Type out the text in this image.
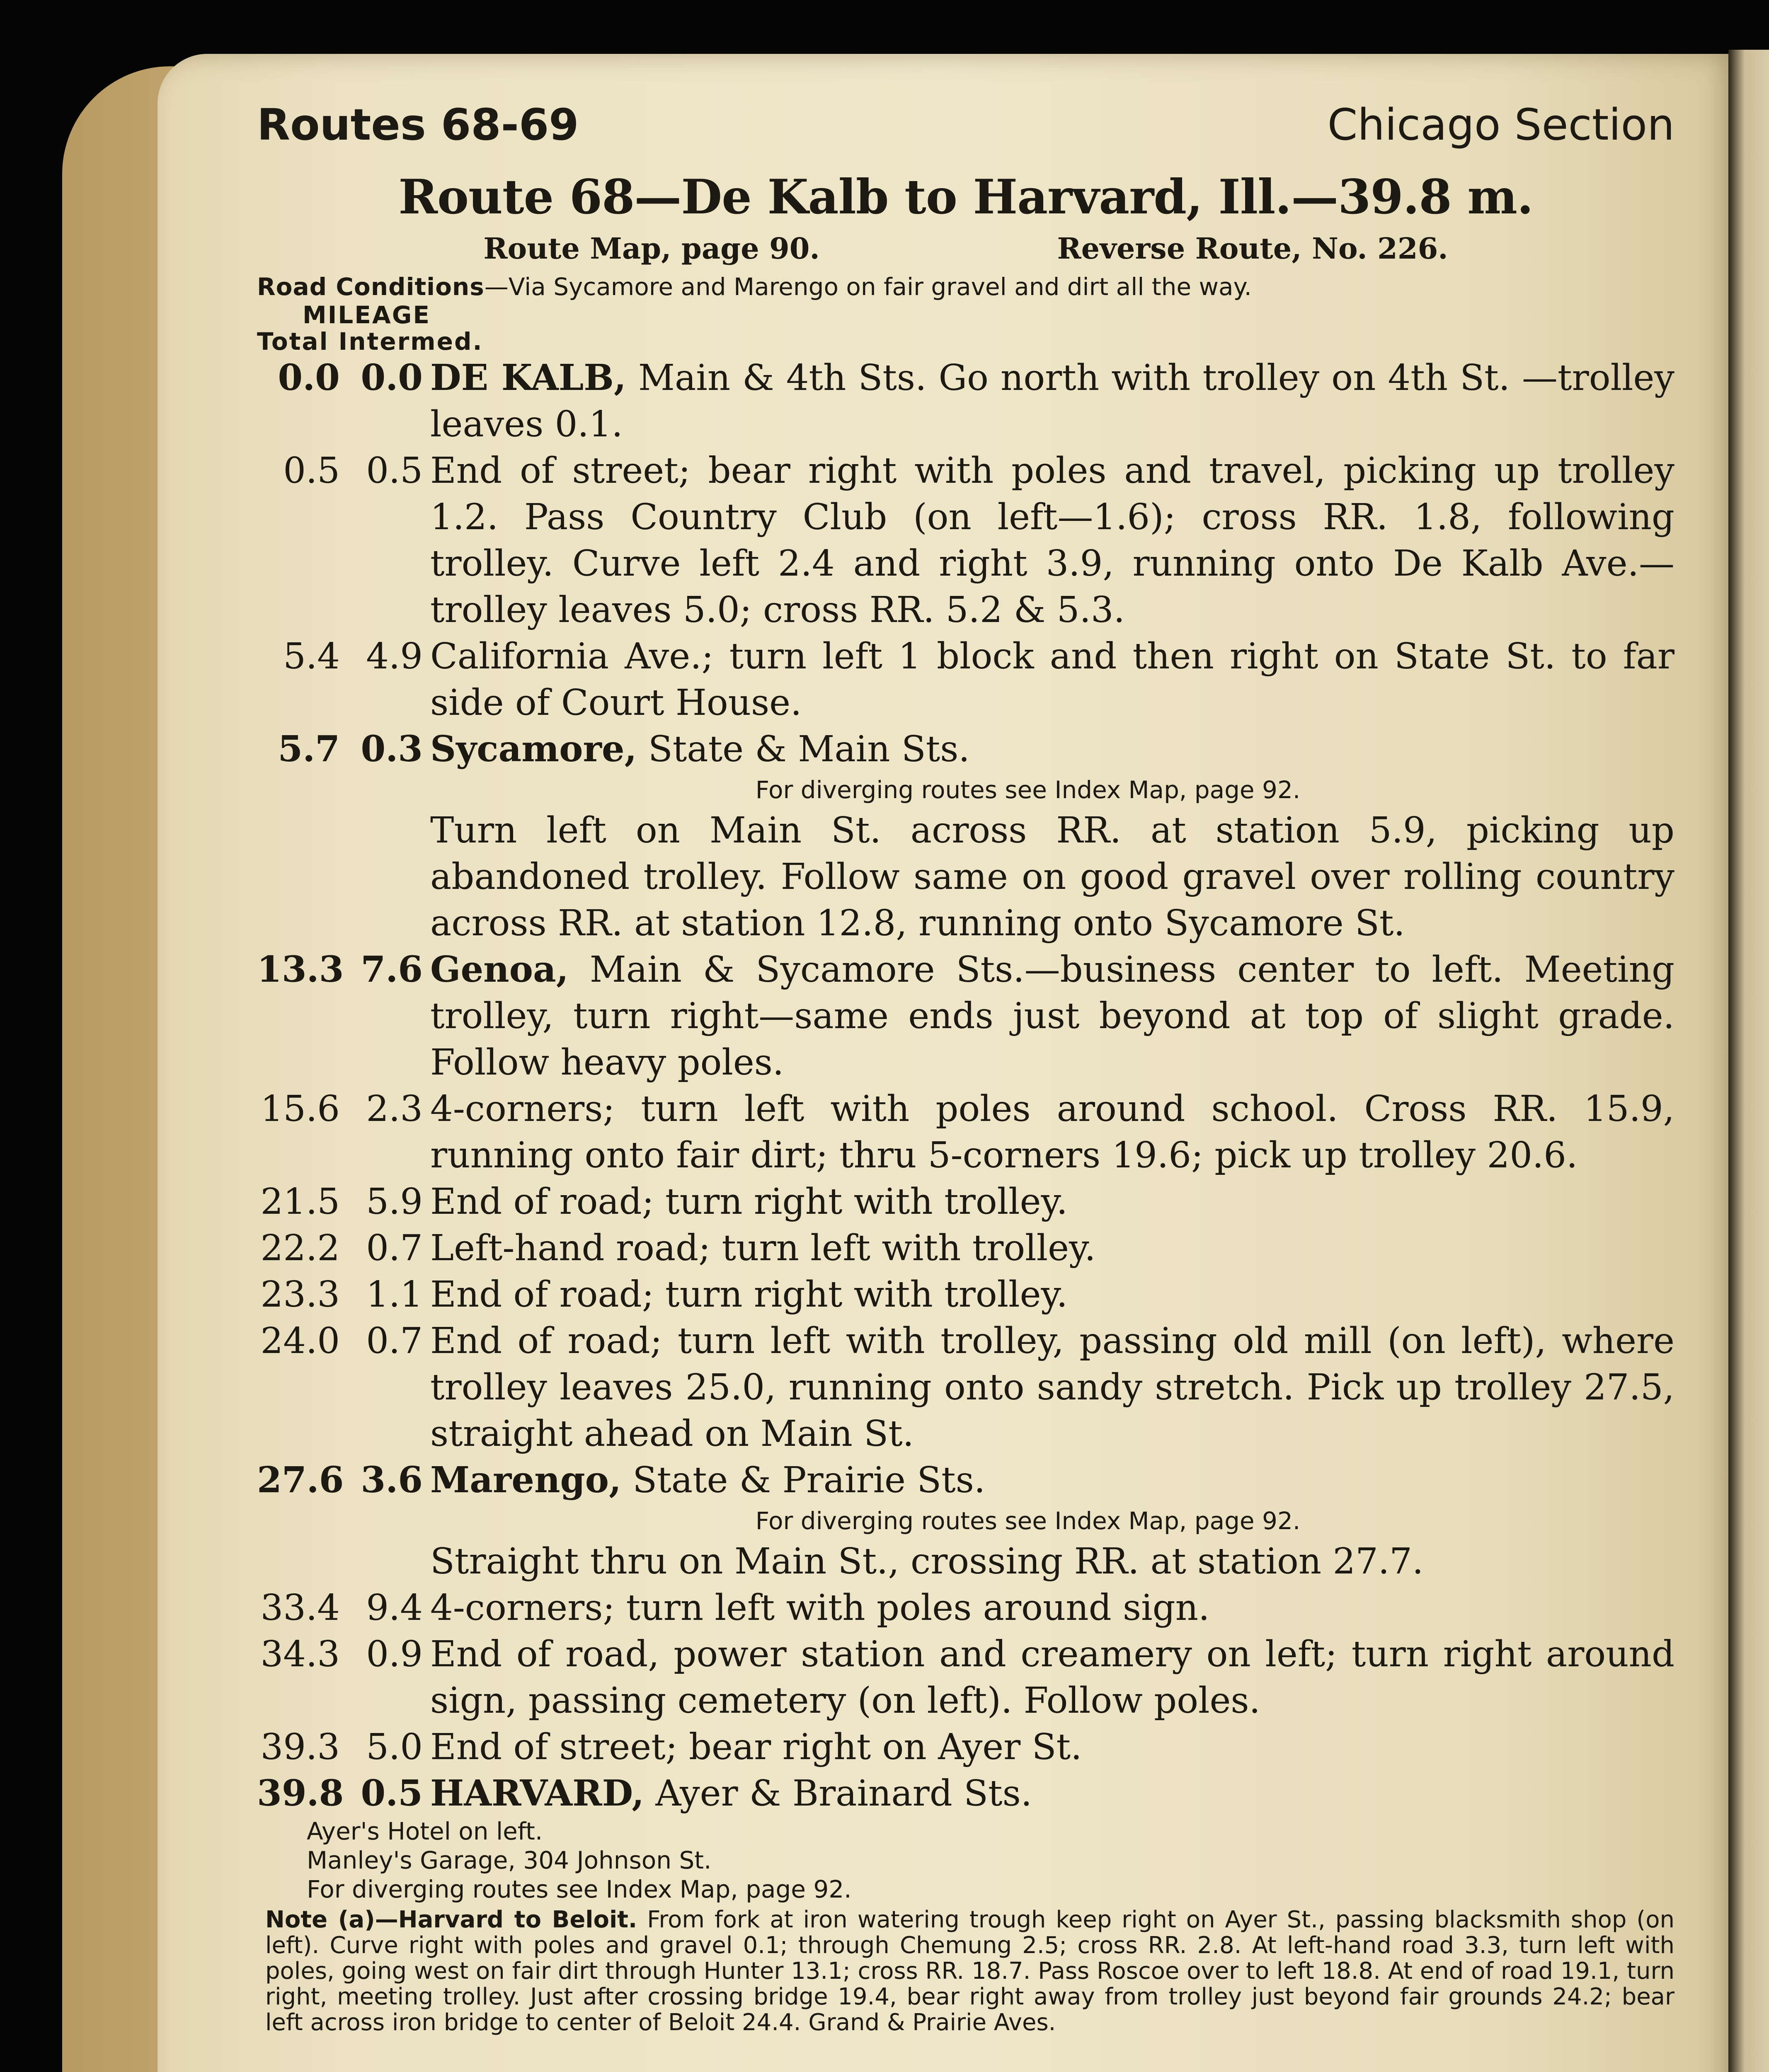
Routes 68-69	Chicago Section
Route 68—De Kalb to Harvard, Ill.—39.8 m.
Route Map, page 90.	Reverse Route, No. 226.
Road Conditions—Via Sycamore and Marengo on fair gravel and dirt all the way.
MILEAGE
Total Intermed.
0.0 0.0 DE KALB, Main & 4th Sts. Go north with trolley on 4th St. —trolley leaves 0.1.
0.5 0.5 End of street; bear right with poles and travel, picking up trolley 1.2. Pass Country Club (on left—1.6); cross RR. 1.8, following trolley. Curve left 2.4 and right 3.9, running onto De Kalb Ave.—trolley leaves 5.0; cross RR. 5.2 & 5.3.
5.4 4.9 California Ave.; turn left 1 block and then right on State St. to far side of Court House.
5.7 0.3 Sycamore, State & Main Sts.
For diverging routes see Index Map, page 92.
Turn left on Main St. across RR. at station 5.9, picking up abandoned trolley. Follow same on good gravel over rolling country across RR. at station 12.8, running onto Sycamore St.
13.3 7.6 Genoa, Main & Sycamore Sts.—business center to left. Meeting trolley, turn right—same ends just beyond at top of slight grade. Follow heavy poles.
15.6 2.3 4-corners; turn left with poles around school. Cross RR. 15.9, running onto fair dirt; thru 5-corners 19.6; pick up trolley 20.6.
21.5 5.9 End of road; turn right with trolley.
22.2 0.7 Left-hand road; turn left with trolley.
23.3 1.1 End of road; turn right with trolley.
24.0 0.7 End of road; turn left with trolley, passing old mill (on left), where trolley leaves 25.0, running onto sandy stretch. Pick up trolley 27.5, straight ahead on Main St.
27.6 3.6 Marengo, State & Prairie Sts.
For diverging routes see Index Map, page 92.
Straight thru on Main St., crossing RR. at station 27.7.
33.4 9.4 4-corners; turn left with poles around sign.
34.3 0.9 End of road, power station and creamery on left; turn right around sign, passing cemetery (on left). Follow poles.
39.3 5.0 End of street; bear right on Ayer St.
39.8 0.5 HARVARD, Ayer & Brainard Sts.
Ayer's Hotel on left.
Manley's Garage, 304 Johnson St.
For diverging routes see Index Map, page 92.
Note (a)—Harvard to Beloit. From fork at iron watering trough keep right on Ayer St., passing blacksmith shop (on left). Curve right with poles and gravel 0.1; through Chemung 2.5; cross RR. 2.8. At left-hand road 3.3, turn left with poles, going west on fair dirt through Hunter 13.1; cross RR. 18.7. Pass Roscoe over to left 18.8. At end of road 19.1, turn right, meeting trolley. Just after crossing bridge 19.4, bear right away from trolley just beyond fair grounds 24.2; bear left across iron bridge to center of Beloit 24.4. Grand & Prairie Aves.
